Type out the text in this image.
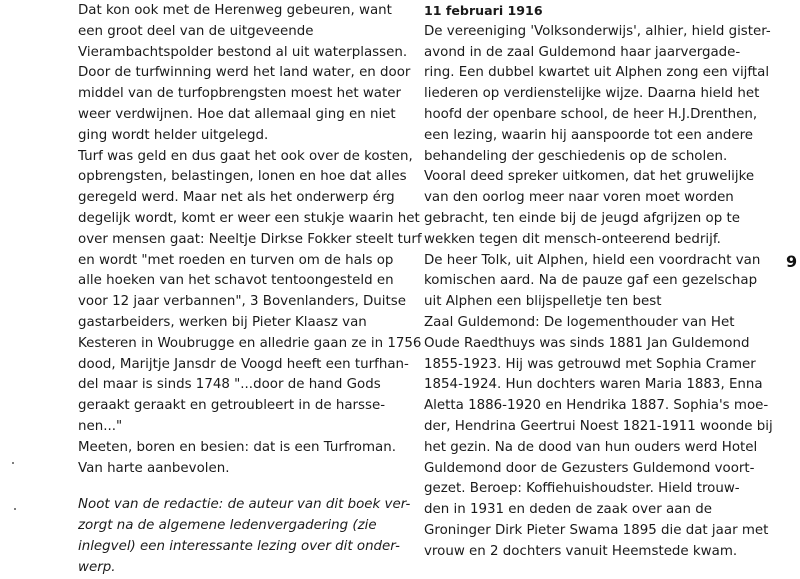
Dat kon ook met de Herenweg gebeuren, want
een groot deel van de uitgeveende
Vierambachtspolder bestond al uit waterplassen.
Door de turfwinning werd het land water, en door
middel van de turfopbrengsten moest het water
weer verdwijnen. Hoe dat allemaal ging en niet
ging wordt helder uitgelegd.
Turf was geld en dus gaat het ook over de kosten,
opbrengsten, belastingen, lonen en hoe dat alles
geregeld werd. Maar net als het onderwerp érg
degelijk wordt, komt er weer een stukje waarin het
over mensen gaat: Neeltje Dirkse Fokker steelt turf
en wordt "met roeden en turven om de hals op
alle hoeken van het schavot tentoongesteld en
voor 12 jaar verbannen", 3 Bovenlanders, Duitse
gastarbeiders, werken bij Pieter Klaasz van
Kesteren in Woubrugge en alledrie gaan ze in 1756
dood, Marijtje Jansdr de Voogd heeft een turfhan-
del maar is sinds 1748 "...door de hand Gods
geraakt geraakt en getroubleert in de harsse-
nen..."
Meeten, boren en besien: dat is een Turfroman.
Van harte aanbevolen.
Noot van de redactie: de auteur van dit boek ver-
zorgt na de algemene ledenvergadering (zie
inlegvel) een interessante lezing over dit onder-
werp.
11 februari 1916
De vereeniging 'Volksonderwijs', alhier, hield gister-
avond in de zaal Guldemond haar jaarvergade-
ring. Een dubbel kwartet uit Alphen zong een vijftal
liederen op verdienstelijke wijze. Daarna hield het
hoofd der openbare school, de heer H.J.Drenthen,
een lezing, waarin hij aanspoorde tot een andere
behandeling der geschiedenis op de scholen.
Vooral deed spreker uitkomen, dat het gruwelijke
van den oorlog meer naar voren moet worden
gebracht, ten einde bij de jeugd afgrijzen op te
wekken tegen dit mensch-onteerend bedrijf.
De heer Tolk, uit Alphen, hield een voordracht van
komischen aard. Na de pauze gaf een gezelschap
uit Alphen een blijspelletje ten best
Zaal Guldemond: De logementhouder van Het
Oude Raedthuys was sinds 1881 Jan Guldemond
1855-1923. Hij was getrouwd met Sophia Cramer
1854-1924. Hun dochters waren Maria 1883, Enna
Aletta 1886-1920 en Hendrika 1887. Sophia's moe-
der, Hendrina Geertrui Noest 1821-1911 woonde bij
het gezin. Na de dood van hun ouders werd Hotel
Guldemond door de Gezusters Guldemond voort-
gezet. Beroep: Koffiehuishoudster. Hield trouw-
den in 1931 en deden de zaak over aan de
Groninger Dirk Pieter Swama 1895 die dat jaar met
vrouw en 2 dochters vanuit Heemstede kwam.
9
